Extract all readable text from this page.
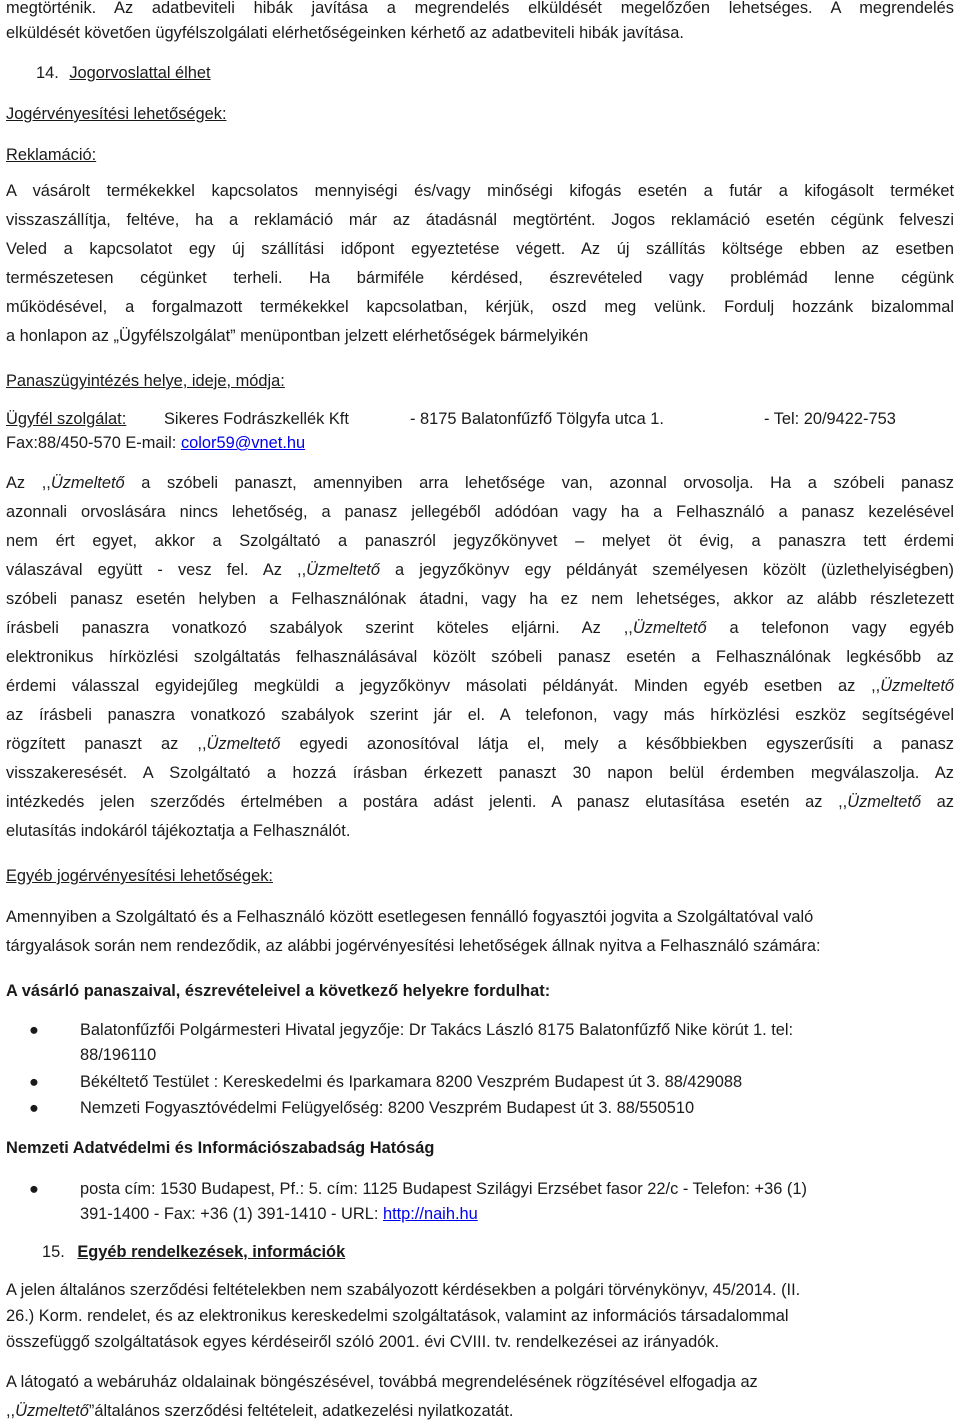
megtörténik. Az adatbeviteli hibák javítása a megrendelés elküldését megelőzően lehetséges. A megrendelés
elküldését követően ügyfélszolgálati elérhetőségeinken kérhető az adatbeviteli hibák javítása.
14. Jogorvoslattal élhet
Jogérvényesítési lehetőségek:
Reklamáció:
A vásárolt termékekkel kapcsolatos mennyiségi és/vagy minőségi kifogás esetén a futár a kifogásolt terméket
visszaszállítja, feltéve, ha a reklamáció már az átadásnál megtörtént. Jogos reklamáció esetén cégünk felveszi
Veled a kapcsolatot egy új szállítási időpont egyeztetése végett. Az új szállítás költsége ebben az esetben
természetesen cégünket terheli. Ha bármiféle kérdésed, észrevételed vagy problémád lenne cégünk
működésével, a forgalmazott termékekkel kapcsolatban, kérjük, oszd meg velünk. Fordulj hozzánk bizalommal
a honlapon az „Ügyfélszolgálat” menüpontban jelzett elérhetőségek bármelyikén
Panaszügyintézés helye, ideje, módja:
Ügyfél szolgálat: Sikeres Fodrászkellék Kft	- 8175 Balatonfűzfő Tölgyfa utca 1.	- Tel: 20/9422-753
Fax:88/450-570 E-mail: color59@vnet.hu
Az ,,Üzmeltető a szóbeli panaszt, amennyiben arra lehetősége van, azonnal orvosolja. Ha a szóbeli panasz
azonnali orvoslására nincs lehetőség, a panasz jellegéből adódóan vagy ha a Felhasználó a panasz kezelésével
nem ért egyet, akkor a Szolgáltató a panaszról jegyzőkönyvet – melyet öt évig, a panaszra tett érdemi
válaszával együtt - vesz fel. Az ,,Üzmeltető a jegyzőkönyv egy példányát személyesen közölt (üzlethelyiségben)
szóbeli panasz esetén helyben a Felhasználónak átadni, vagy ha ez nem lehetséges, akkor az alább részletezett
írásbeli panaszra vonatkozó szabályok szerint köteles eljárni. Az ,,Üzmeltető a telefonon vagy egyéb
elektronikus hírközlési szolgáltatás felhasználásával közölt szóbeli panasz esetén a Felhasználónak legkésőbb az
érdemi válasszal egyidejűleg megküldi a jegyzőkönyv másolati példányát. Minden egyéb esetben az ,,Üzmeltető
az írásbeli panaszra vonatkozó szabályok szerint jár el. A telefonon, vagy más hírközlési eszköz segítségével
rögzített panaszt az ,,Üzmeltető egyedi azonosítóval látja el, mely a későbbiekben egyszerűsíti a panasz
visszakeresését. A Szolgáltató a hozzá írásban érkezett panaszt 30 napon belül érdemben megválaszolja. Az
intézkedés jelen szerződés értelmében a postára adást jelenti. A panasz elutasítása esetén az ,,Üzmeltető az
elutasítás indokáról tájékoztatja a Felhasználót.
Egyéb jogérvényesítési lehetőségek:
Amennyiben a Szolgáltató és a Felhasználó között esetlegesen fennálló fogyasztói jogvita a Szolgáltatóval való
tárgyalások során nem rendeződik, az alábbi jogérvényesítési lehetőségek állnak nyitva a Felhasználó számára:
A vásárló panaszaival, észrevételeivel a következő helyekre fordulhat:
●	Balatonfűzfői Polgármesteri Hivatal jegyzője: Dr Takács László 8175 Balatonfűzfő Nike körút 1. tel:
88/196110
●	Békéltető Testület : Kereskedelmi és Iparkamara 8200 Veszprém Budapest út 3. 88/429088
●	Nemzeti Fogyasztóvédelmi Felügyelőség: 8200 Veszprém Budapest út 3. 88/550510
Nemzeti Adatvédelmi és Információszabadság Hatóság
●	posta cím: 1530 Budapest, Pf.: 5. cím: 1125 Budapest Szilágyi Erzsébet fasor 22/c - Telefon: +36 (1)
391-1400 - Fax: +36 (1) 391-1410 - URL: http://naih.hu
15. Egyéb rendelkezések, információk
A jelen általános szerződési feltételekben nem szabályozott kérdésekben a polgári törvénykönyv, 45/2014. (II.
26.) Korm. rendelet, és az elektronikus kereskedelmi szolgáltatások, valamint az információs társadalommal
összefüggő szolgáltatások egyes kérdéseiről szóló 2001. évi CVIII. tv. rendelkezései az irányadók.
A látogató a webáruház oldalainak böngészésével, továbbá megrendelésének rögzítésével elfogadja az
,,Üzmeltető”általános szerződési feltételeit, adatkezelési nyilatkozatát.
